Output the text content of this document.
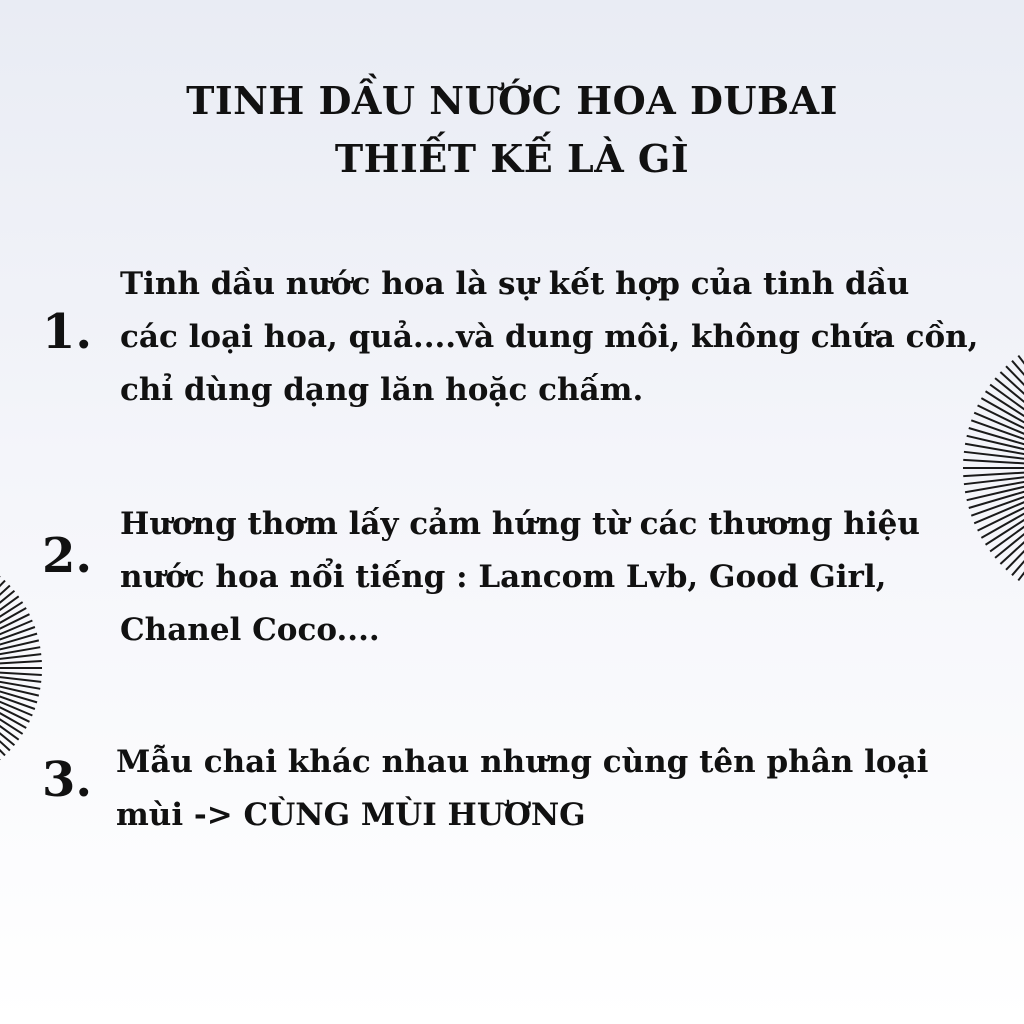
TINH DẦU NƯỚC HOA DUBAI
THIẾT KẾ LÀ GÌ
1.
Tinh dầu nước hoa là sự kết hợp của tinh dầu
các loại hoa, quả....và dung môi, không chứa cồn,
chỉ dùng dạng lăn hoặc chấm.
2.
Hương thơm lấy cảm hứng từ các thương hiệu
nước hoa nổi tiếng : Lancom Lvb, Good Girl,
Chanel Coco....
3. Mẫu chai khác nhau nhưng cùng tên phân loại
mùi -> CÙNG MÙI HƯƠNG
